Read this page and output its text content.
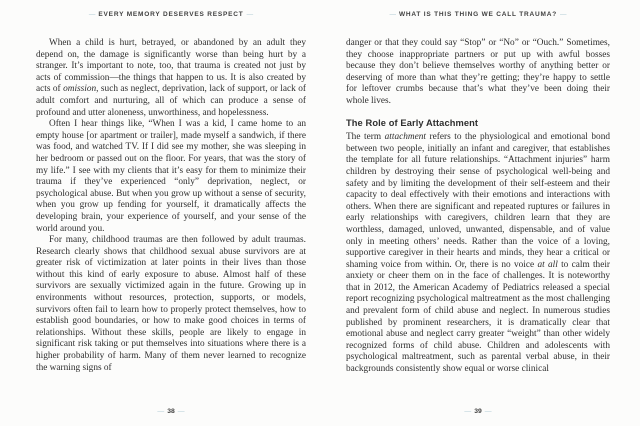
— EVERY MEMORY DESERVES RESPECT —

When a child is hurt, betrayed, or abandoned by an adult they depend on, the damage is significantly worse than being hurt by a stranger. It’s important to note, too, that trauma is created not just by acts of commission—the things that happen to us. It is also created by acts of omission, such as neglect, deprivation, lack of support, or lack of adult comfort and nurturing, all of which can produce a sense of profound and utter aloneness, unworthiness, and hopelessness.

Often I hear things like, “When I was a kid, I came home to an empty house [or apartment or trailer], made myself a sandwich, if there was food, and watched TV. If I did see my mother, she was sleeping in her bedroom or passed out on the floor. For years, that was the story of my life.” I see with my clients that it’s easy for them to minimize their trauma if they’ve experienced “only” deprivation, neglect, or psychological abuse. But when you grow up without a sense of security, when you grow up fending for yourself, it dramatically affects the developing brain, your experience of yourself, and your sense of the world around you.

For many, childhood traumas are then followed by adult traumas. Research clearly shows that childhood sexual abuse survivors are at greater risk of victimization at later points in their lives than those without this kind of early exposure to abuse. Almost half of these survivors are sexually victimized again in the future. Growing up in environments without resources, protection, supports, or models, survivors often fail to learn how to properly protect themselves, how to establish good boundaries, or how to make good choices in terms of relationships. Without these skills, people are likely to engage in significant risk taking or put themselves into situations where there is a higher probability of harm. Many of them never learned to recognize the warning signs of

— 38 —
— WHAT IS THIS THING WE CALL TRAUMA? —

danger or that they could say “Stop” or “No” or “Ouch.” Sometimes, they choose inappropriate partners or put up with awful bosses because they don’t believe themselves worthy of anything better or deserving of more than what they’re getting; they’re happy to settle for leftover crumbs because that’s what they’ve been doing their whole lives.

The Role of Early Attachment

The term attachment refers to the physiological and emotional bond between two people, initially an infant and caregiver, that establishes the template for all future relationships. “Attachment injuries” harm children by destroying their sense of psychological well-being and safety and by limiting the development of their self-esteem and their capacity to deal effectively with their emotions and interactions with others. When there are significant and repeated ruptures or failures in early relationships with caregivers, children learn that they are worthless, damaged, unloved, unwanted, dispensable, and of value only in meeting others’ needs. Rather than the voice of a loving, supportive caregiver in their hearts and minds, they hear a critical or shaming voice from within. Or, there is no voice at all to calm their anxiety or cheer them on in the face of challenges. It is noteworthy that in 2012, the American Academy of Pediatrics released a special report recognizing psychological maltreatment as the most challenging and prevalent form of child abuse and neglect. In numerous studies published by prominent researchers, it is dramatically clear that emotional abuse and neglect carry greater “weight” than other widely recognized forms of child abuse. Children and adolescents with psychological maltreatment, such as parental verbal abuse, in their backgrounds consistently show equal or worse clinical

— 39 —
